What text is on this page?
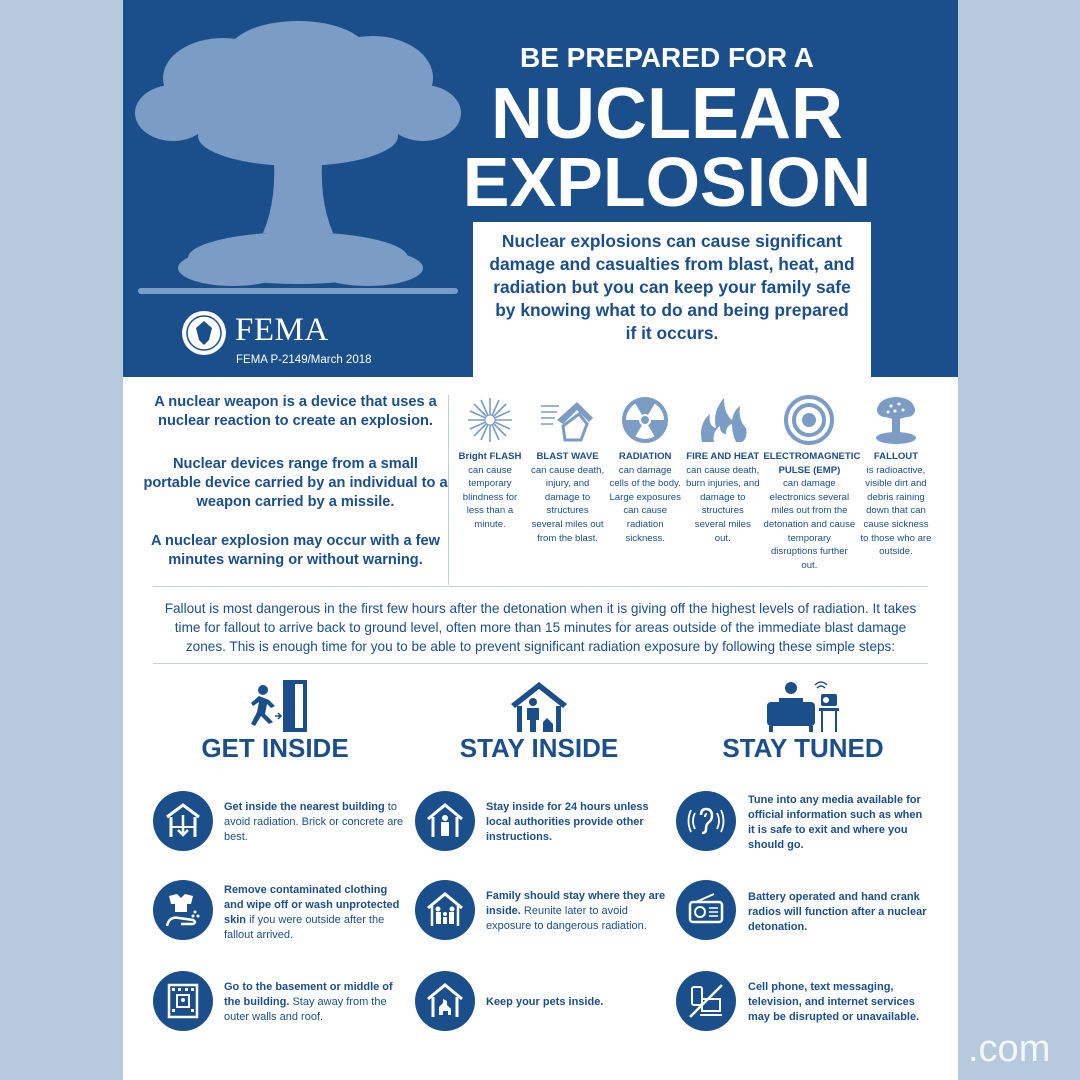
FEMA
FEMA P-2149/March 2018
BE PREPARED FOR A
NUCLEAR
EXPLOSION
Nuclear explosions can cause significant damage and casualties from blast, heat, and radiation but you can keep your family safe by knowing what to do and being prepared if it occurs.

A nuclear weapon is a device that uses a nuclear reaction to create an explosion.

Nuclear devices range from a small portable device carried by an individual to a weapon carried by a missile.

A nuclear explosion may occur with a few minutes warning or without warning.

Bright FLASH
can cause temporary blindness for less than a minute.
BLAST WAVE
can cause death, injury, and damage to structures several miles out from the blast.
RADIATION
can damage cells of the body. Large exposures can cause radiation sickness.
FIRE AND HEAT
can cause death, burn injuries, and damage to structures several miles out.
ELECTROMAGNETIC PULSE (EMP)
can damage electronics several miles out from the detonation and cause temporary disruptions further out.
FALLOUT
is radioactive, visible dirt and debris raining down that can cause sickness to those who are outside.
Fallout is most dangerous in the first few hours after the detonation when it is giving off the highest levels of radiation. It takes time for fallout to arrive back to ground level, often more than 15 minutes for areas outside of the immediate blast damage zones. This is enough time for you to be able to prevent significant radiation exposure by following these simple steps:
GET INSIDE	STAY INSIDE	STAY TUNED
Get inside the nearest building to avoid radiation. Brick or concrete are best.
Remove contaminated clothing and wipe off or wash unprotected skin if you were outside after the fallout arrived.
Go to the basement or middle of the building. Stay away from the outer walls and roof.
Stay inside for 24 hours unless local authorities provide other instructions.
Family should stay where they are inside. Reunite later to avoid exposure to dangerous radiation.
Keep your pets inside.
Tune into any media available for official information such as when it is safe to exit and where you should go.
Battery operated and hand crank radios will function after a nuclear detonation.
Cell phone, text messaging, television, and internet services may be disrupted or unavailable.
.com
